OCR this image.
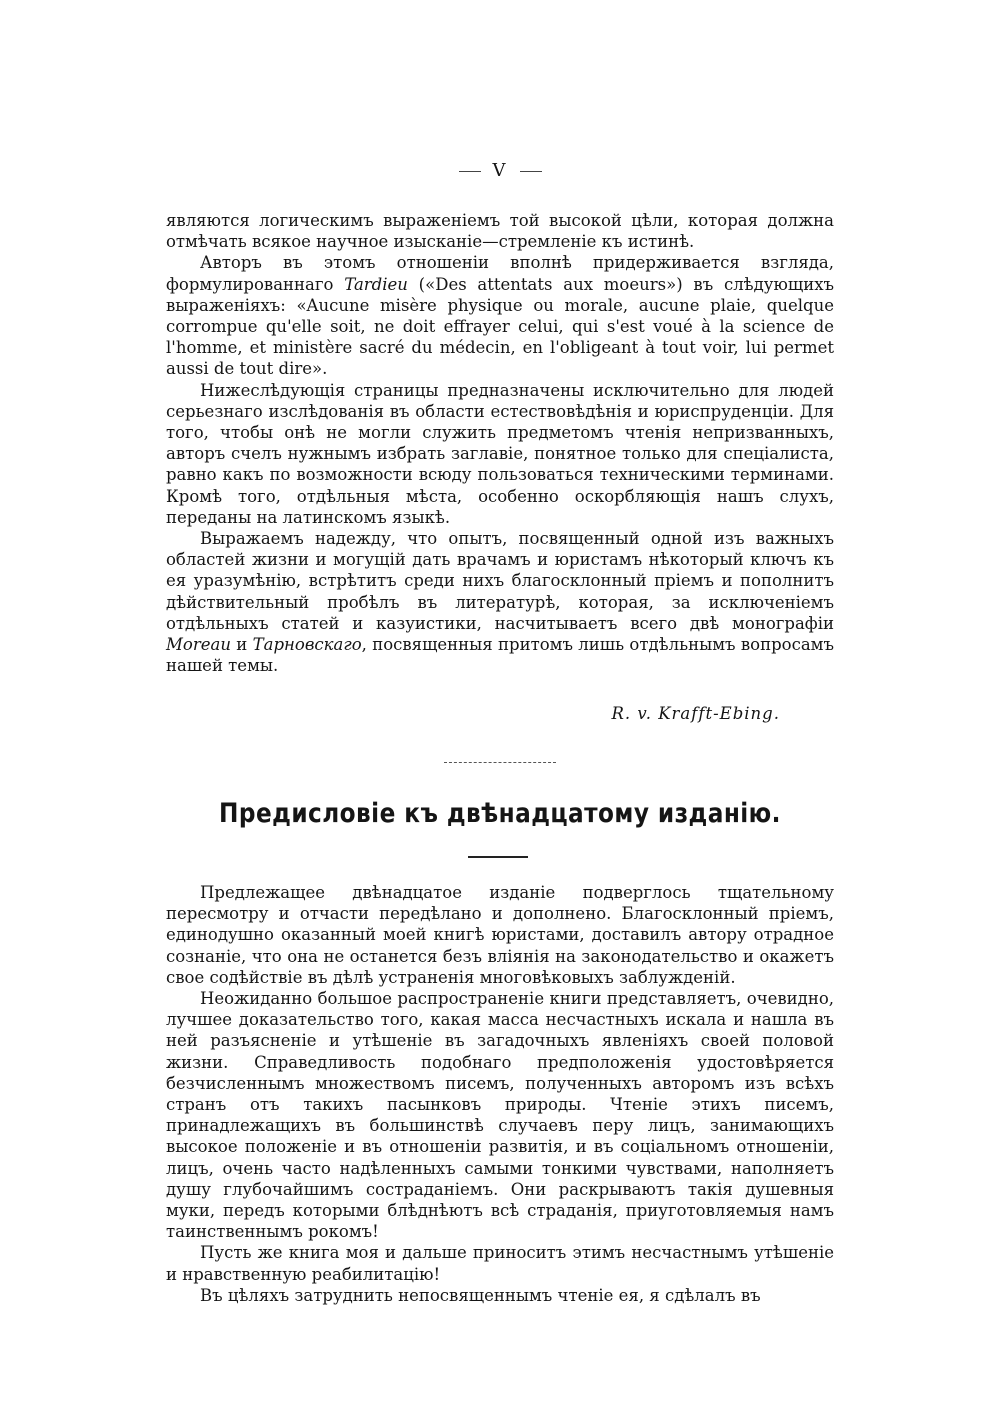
V

являются логическимъ выраженіемъ той высокой цѣли, которая должна отмѣчать всякое научное изысканіе—стремленіе къ истинѣ.

Авторъ въ этомъ отношеніи вполнѣ придерживается взгляда, формулированнаго Tardieu («Des attentats aux moeurs») въ слѣдующихъ выраженіяхъ: «Aucune misère physique ou morale, aucune plaie, quelque corrompue qu'elle soit, ne doit effrayer celui, qui s'est voué à la science de l'homme, et ministère sacré du médecin, en l'obligeant à tout voir, lui permet aussi de tout dire».

Нижеслѣдующія страницы предназначены исключительно для людей серьезнаго изслѣдованія въ области естествовѣдѣнія и юриспруденціи. Для того, чтобы онѣ не могли служить предметомъ чтенія непризванныхъ, авторъ счелъ нужнымъ избрать заглавіе, понятное только для спеціалиста, равно какъ по возможности всюду пользоваться техническими терминами. Кромѣ того, отдѣльныя мѣста, особенно оскорбляющія нашъ слухъ, переданы на латинскомъ языкѣ.

Выражаемъ надежду, что опытъ, посвященный одной изъ важныхъ областей жизни и могущій дать врачамъ и юристамъ нѣкоторый ключъ къ ея уразумѣнію, встрѣтитъ среди нихъ благосклонный пріемъ и пополнитъ дѣйствительный пробѣлъ въ литературѣ, которая, за исключеніемъ отдѣльныхъ статей и казуистики, насчитываетъ всего двѣ монографіи Moreau и Тарновскаго, посвященныя притомъ лишь отдѣльнымъ вопросамъ нашей темы.

R. v. Krafft-Ebing.
Предисловіе къ двѣнадцатому изданію.

Предлежащее двѣнадцатое изданіе подверглось тщательному пересмотру и отчасти передѣлано и дополнено. Благосклонный пріемъ, единодушно оказанный моей книгѣ юристами, доставилъ автору отрадное сознаніе, что она не останется безъ вліянія на законодательство и окажетъ свое содѣйствіе въ дѣлѣ устраненія многовѣковыхъ заблужденій.

Неожиданно большое распространеніе книги представляетъ, очевидно, лучшее доказательство того, какая масса несчастныхъ искала и нашла въ ней разъясненіе и утѣшеніе въ загадочныхъ явленіяхъ своей половой жизни. Справедливость подобнаго предположенія удостовѣряется безчисленнымъ множествомъ писемъ, полученныхъ авторомъ изъ всѣхъ странъ отъ такихъ пасынковъ природы. Чтеніе этихъ писемъ, принадлежащихъ въ большинствѣ случаевъ перу лицъ, занимающихъ высокое положеніе и въ отношеніи развитія, и въ соціальномъ отношеніи, лицъ, очень часто надѣленныхъ самыми тонкими чувствами, наполняетъ душу глубочайшимъ состраданіемъ. Они раскрываютъ такія душевныя муки, передъ которыми блѣднѣютъ всѣ страданія, приуготовляемыя намъ таинственнымъ рокомъ!

Пусть же книга моя и дальше приноситъ этимъ несчастнымъ утѣшеніе и нравственную реабилитацію!

Въ цѣляхъ затруднить непосвященнымъ чтеніе ея, я сдѣлалъ въ
